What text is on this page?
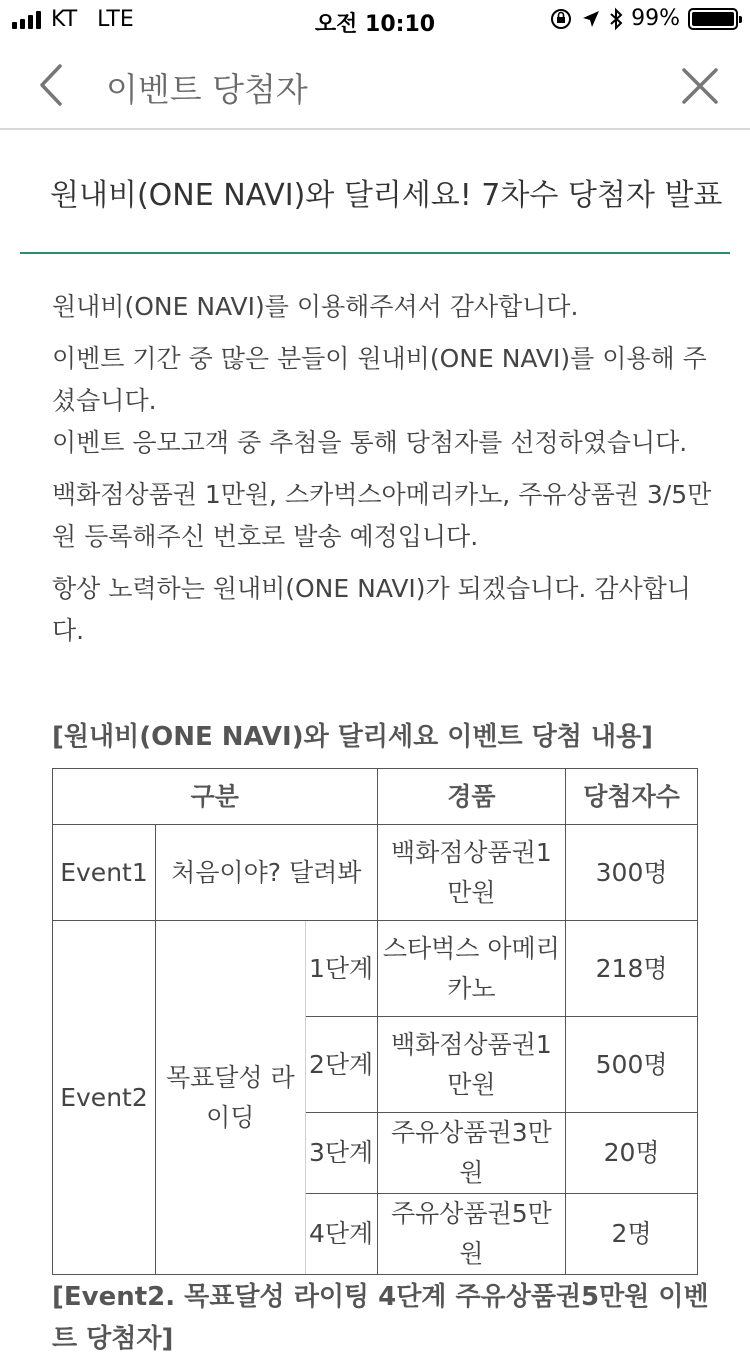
KT LTE	오전 10:10	99%
이벤트 당첨자
원내비(ONE NAVI)와 달리세요! 7차수 당첨자 발표

원내비(ONE NAVI)를 이용해주셔서 감사합니다.

이벤트 기간 중 많은 분들이 원내비(ONE NAVI)를 이용해 주셨습니다.

이벤트 응모고객 중 추첨을 통해 당첨자를 선정하였습니다.

백화점상품권 1만원, 스카벅스아메리카노, 주유상품권 3/5만원 등록해주신 번호로 발송 예정입니다.

항상 노력하는 원내비(ONE NAVI)가 되겠습니다. 감사합니다.

[원내비(ONE NAVI)와 달리세요 이벤트 당첨 내용]
구분			경품	당첨자수
Event1	처음이야? 달려봐		백화점상품권1만원	300명
Event2	목표달성 라이딩	1단계	스타벅스 아메리카노	218명
		2단계	백화점상품권1만원	500명
		3단계	주유상품권3만원	20명
		4단계	주유상품권5만원	2명
[Event2. 목표달성 라이팅 4단계 주유상품권5만원 이벤트 당첨자]
